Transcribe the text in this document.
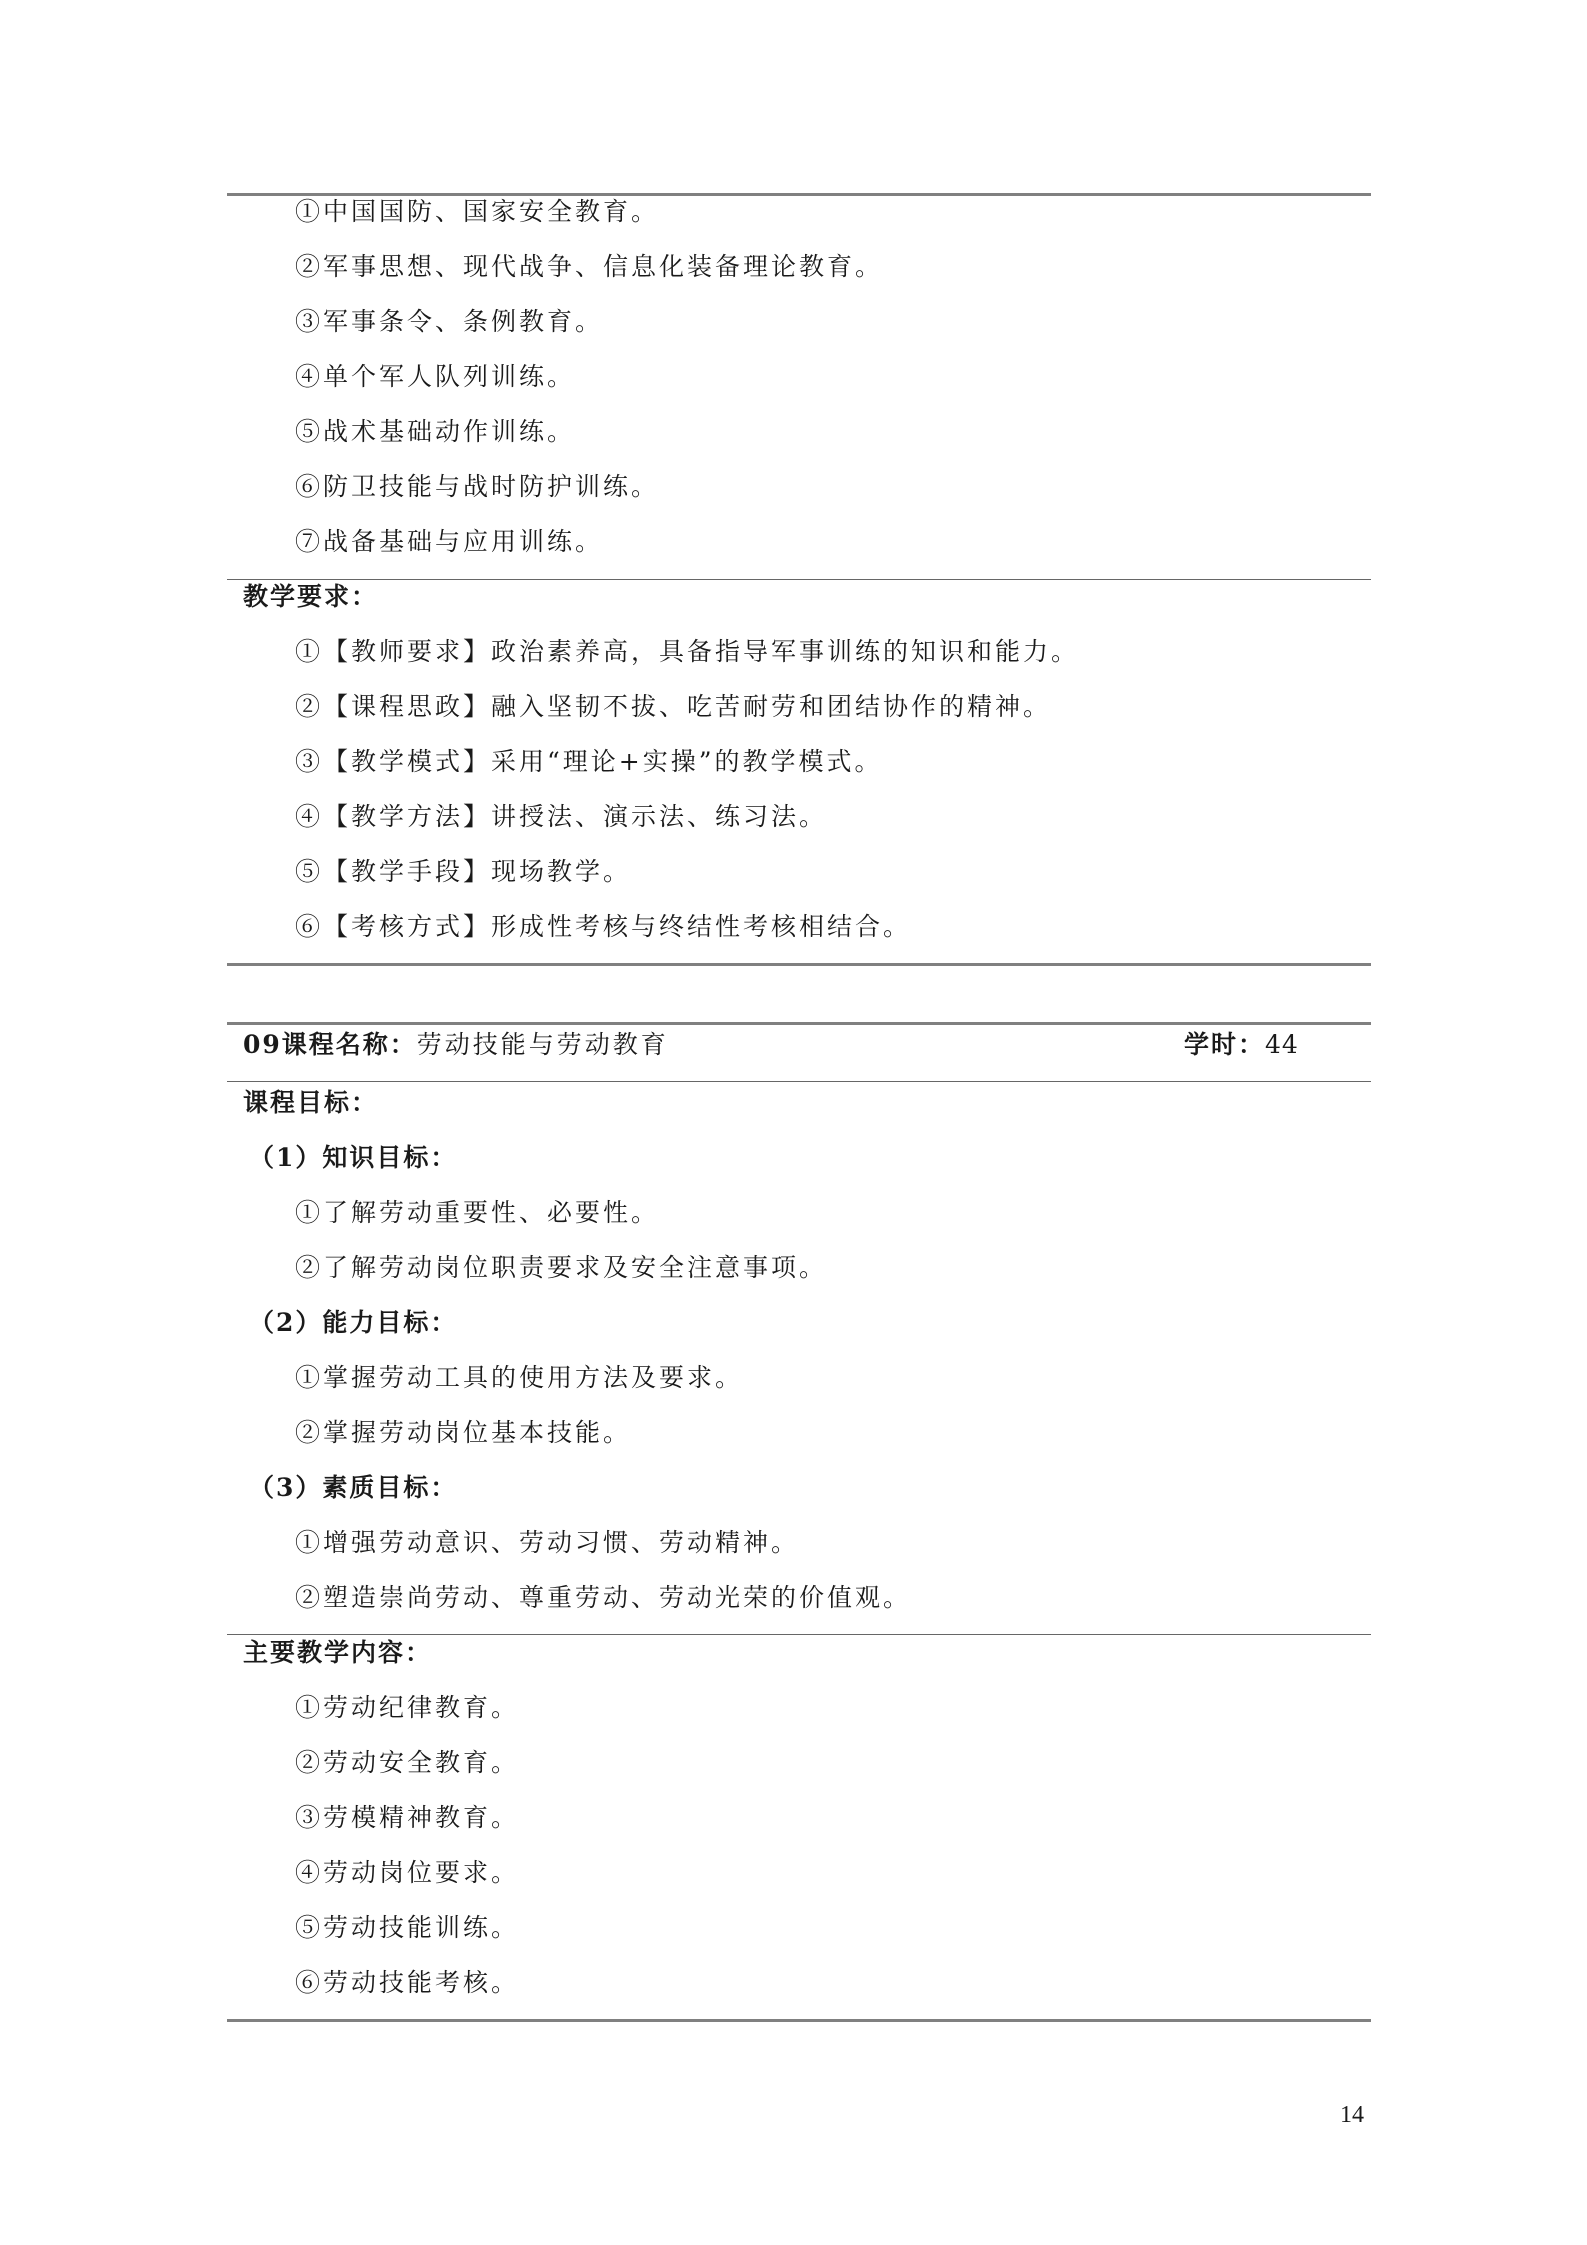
①中国国防、国家安全教育。
②军事思想、现代战争、信息化装备理论教育。
③军事条令、条例教育。
④单个军人队列训练。
⑤战术基础动作训练。
⑥防卫技能与战时防护训练。
⑦战备基础与应用训练。
教学要求：
①【教师要求】政治素养高，具备指导军事训练的知识和能力。
②【课程思政】融入坚韧不拔、吃苦耐劳和团结协作的精神。
③【教学模式】采用“理论+实操”的教学模式。
④【教学方法】讲授法、演示法、练习法。
⑤【教学手段】现场教学。
⑥【考核方式】形成性考核与终结性考核相结合。
09课程名称：劳动技能与劳动教育	学时：44
课程目标：
（1）知识目标：
①了解劳动重要性、必要性。
②了解劳动岗位职责要求及安全注意事项。
（2）能力目标：
①掌握劳动工具的使用方法及要求。
②掌握劳动岗位基本技能。
（3）素质目标：
①增强劳动意识、劳动习惯、劳动精神。
②塑造崇尚劳动、尊重劳动、劳动光荣的价值观。
主要教学内容：
①劳动纪律教育。
②劳动安全教育。
③劳模精神教育。
④劳动岗位要求。
⑤劳动技能训练。
⑥劳动技能考核。
14
